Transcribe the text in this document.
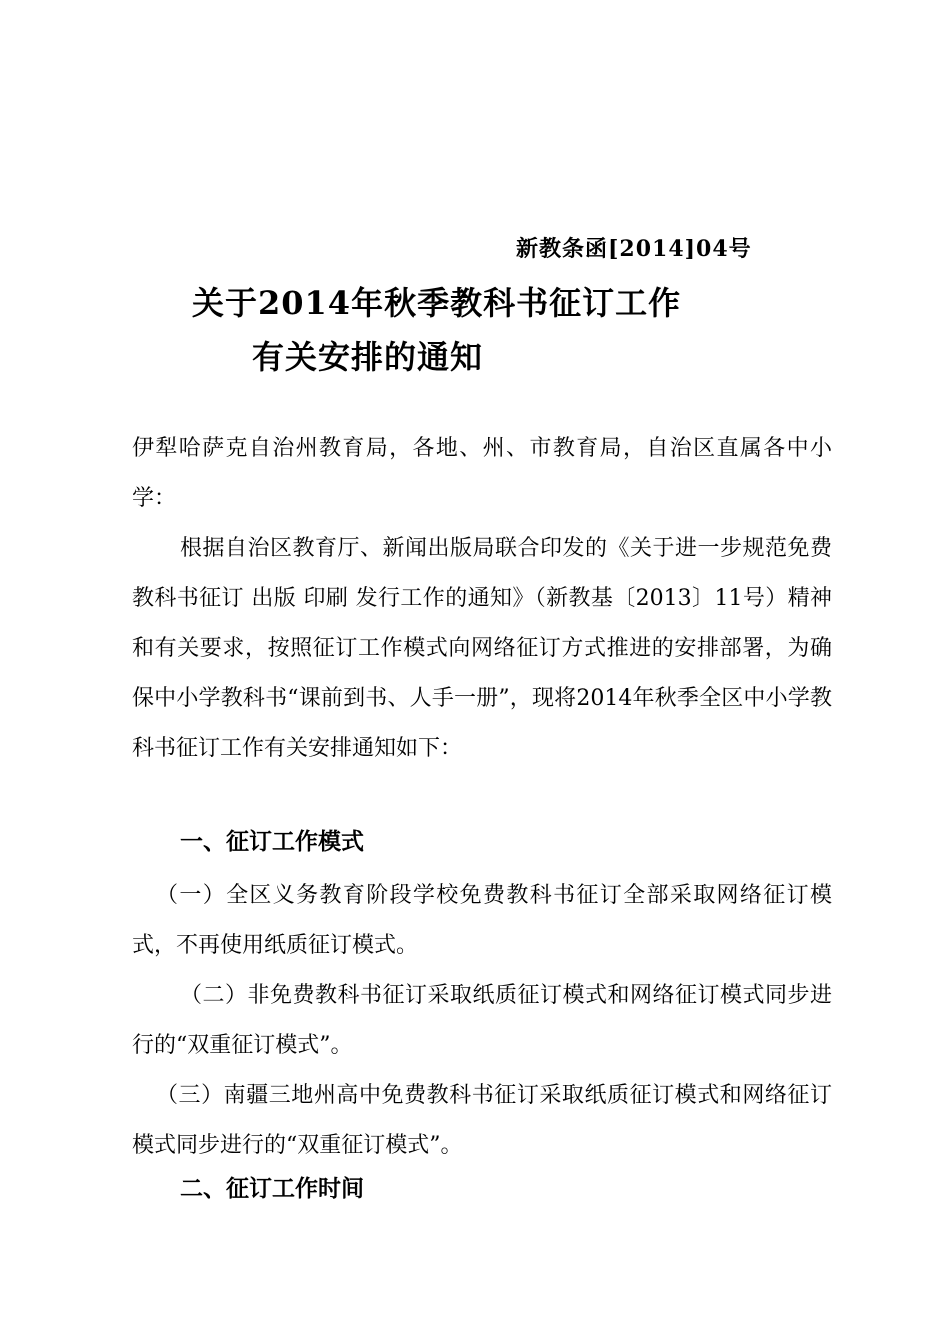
新教条函[2014]04号
关于2014年秋季教科书征订工作
有关安排的通知
伊犁哈萨克自治州教育局，各地、州、市教育局，自治区直属各中小学：
根据自治区教育厅、新闻出版局联合印发的《关于进一步规范免费教科书征订 出版 印刷 发行工作的通知》（新教基〔2013〕11号）精神和有关要求，按照征订工作模式向网络征订方式推进的安排部署，为确保中小学教科书“课前到书、人手一册”，现将2014年秋季全区中小学教科书征订工作有关安排通知如下：
一、征订工作模式
（一）全区义务教育阶段学校免费教科书征订全部采取网络征订模式，不再使用纸质征订模式。
（二）非免费教科书征订采取纸质征订模式和网络征订模式同步进行的“双重征订模式”。
（三）南疆三地州高中免费教科书征订采取纸质征订模式和网络征订模式同步进行的“双重征订模式”。
二、征订工作时间
